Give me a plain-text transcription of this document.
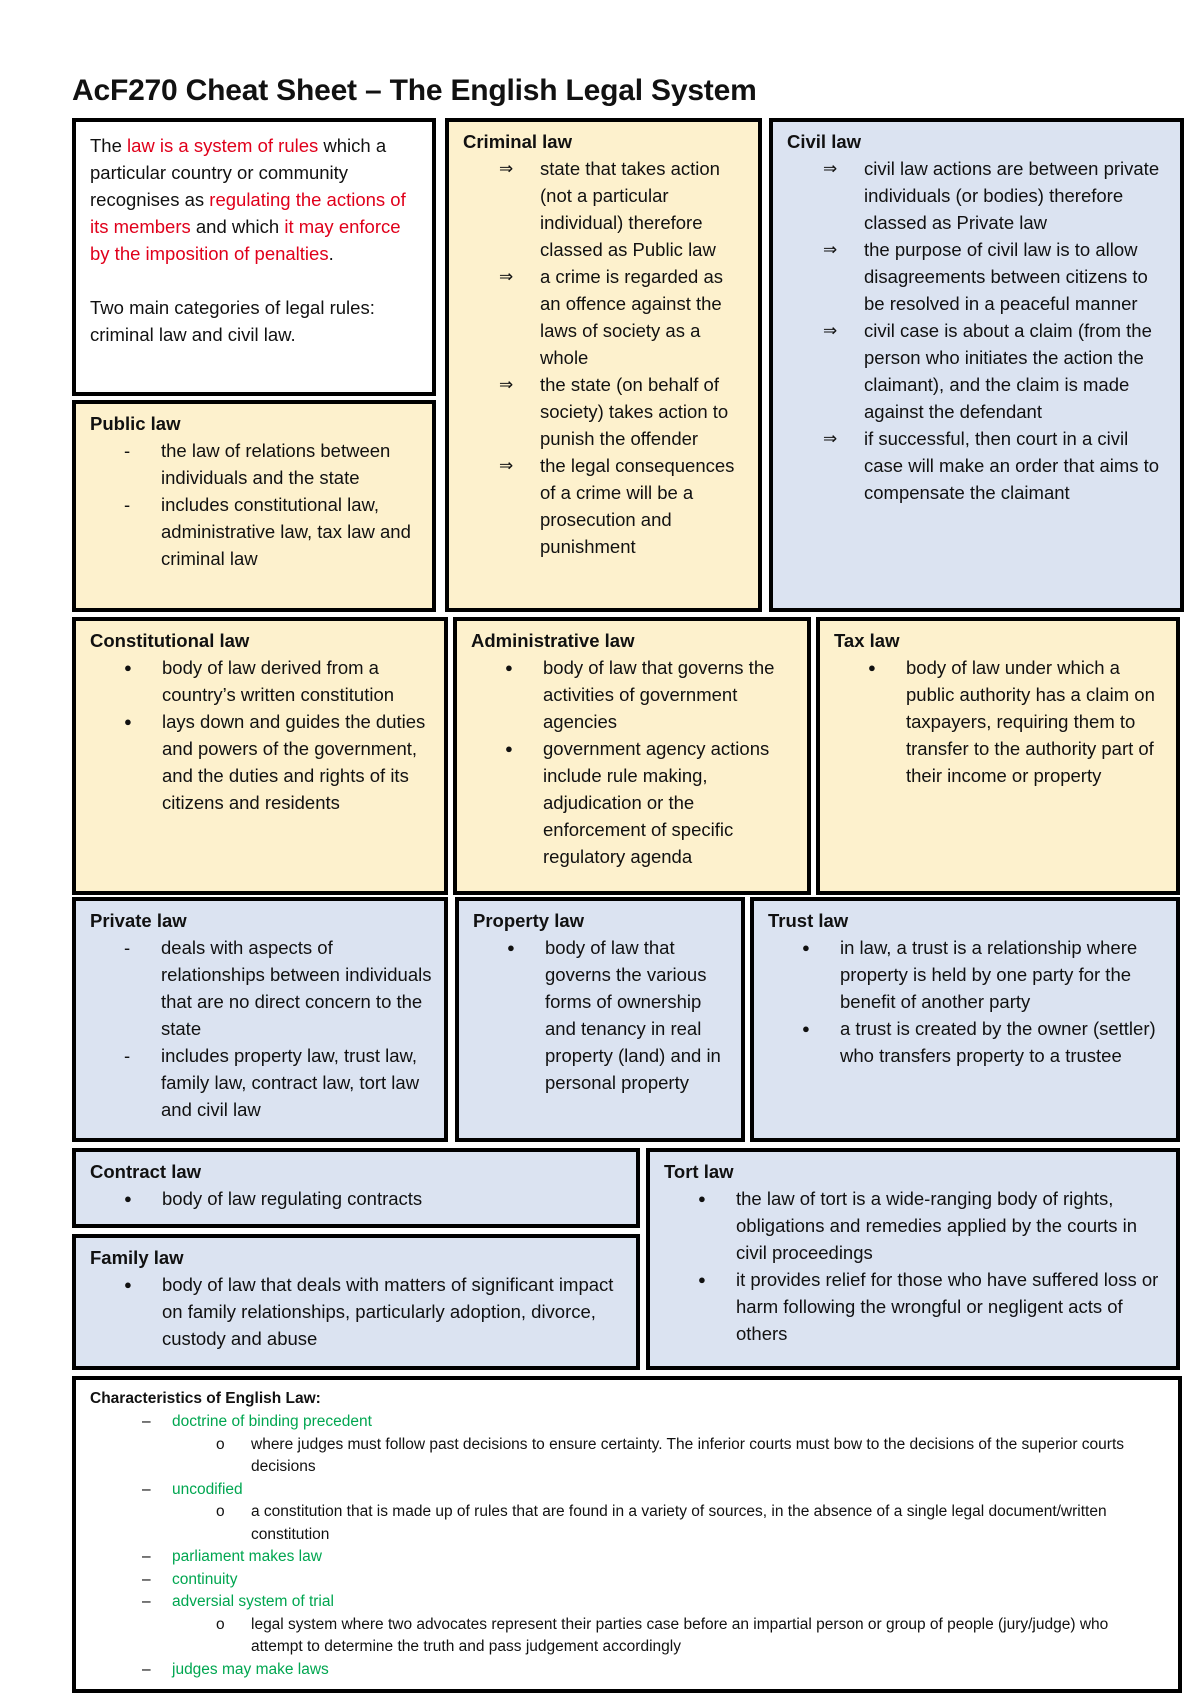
AcF270 Cheat Sheet – The English Legal System
The law is a system of rules which a particular country or community recognises as regulating the actions of its members and which it may enforce by the imposition of penalties.
Two main categories of legal rules: criminal law and civil law.
Public law
- the law of relations between individuals and the state
- includes constitutional law, administrative law, tax law and criminal law
Criminal law
⇒ state that takes action (not a particular individual) therefore classed as Public law
⇒ a crime is regarded as an offence against the laws of society as a whole
⇒ the state (on behalf of society) takes action to punish the offender
⇒ the legal consequences of a crime will be a prosecution and punishment
Civil law
⇒ civil law actions are between private individuals (or bodies) therefore classed as Private law
⇒ the purpose of civil law is to allow disagreements between citizens to be resolved in a peaceful manner
⇒ civil case is about a claim (from the person who initiates the action the claimant), and the claim is made against the defendant
⇒ if successful, then court in a civil case will make an order that aims to compensate the claimant
Constitutional law
● body of law derived from a country’s written constitution
● lays down and guides the duties and powers of the government, and the duties and rights of its citizens and residents
Administrative law
● body of law that governs the activities of government agencies
● government agency actions include rule making, adjudication or the enforcement of specific regulatory agenda
Tax law
● body of law under which a public authority has a claim on taxpayers, requiring them to transfer to the authority part of their income or property
Private law
- deals with aspects of relationships between individuals that are no direct concern to the state
- includes property law, trust law, family law, contract law, tort law and civil law
Property law
● body of law that governs the various forms of ownership and tenancy in real property (land) and in personal property
Trust law
● in law, a trust is a relationship where property is held by one party for the benefit of another party
● a trust is created by the owner (settler) who transfers property to a trustee
Contract law
● body of law regulating contracts
Family law
● body of law that deals with matters of significant impact on family relationships, particularly adoption, divorce, custody and abuse
Tort law
● the law of tort is a wide-ranging body of rights, obligations and remedies applied by the courts in civil proceedings
● it provides relief for those who have suffered loss or harm following the wrongful or negligent acts of others
Characteristics of English Law:
– doctrine of binding precedent
o where judges must follow past decisions to ensure certainty. The inferior courts must bow to the decisions of the superior courts decisions
– uncodified
o a constitution that is made up of rules that are found in a variety of sources, in the absence of a single legal document/written constitution
– parliament makes law
– continuity
– adversial system of trial
o legal system where two advocates represent their parties case before an impartial person or group of people (jury/judge) who attempt to determine the truth and pass judgement accordingly
– judges may make laws
